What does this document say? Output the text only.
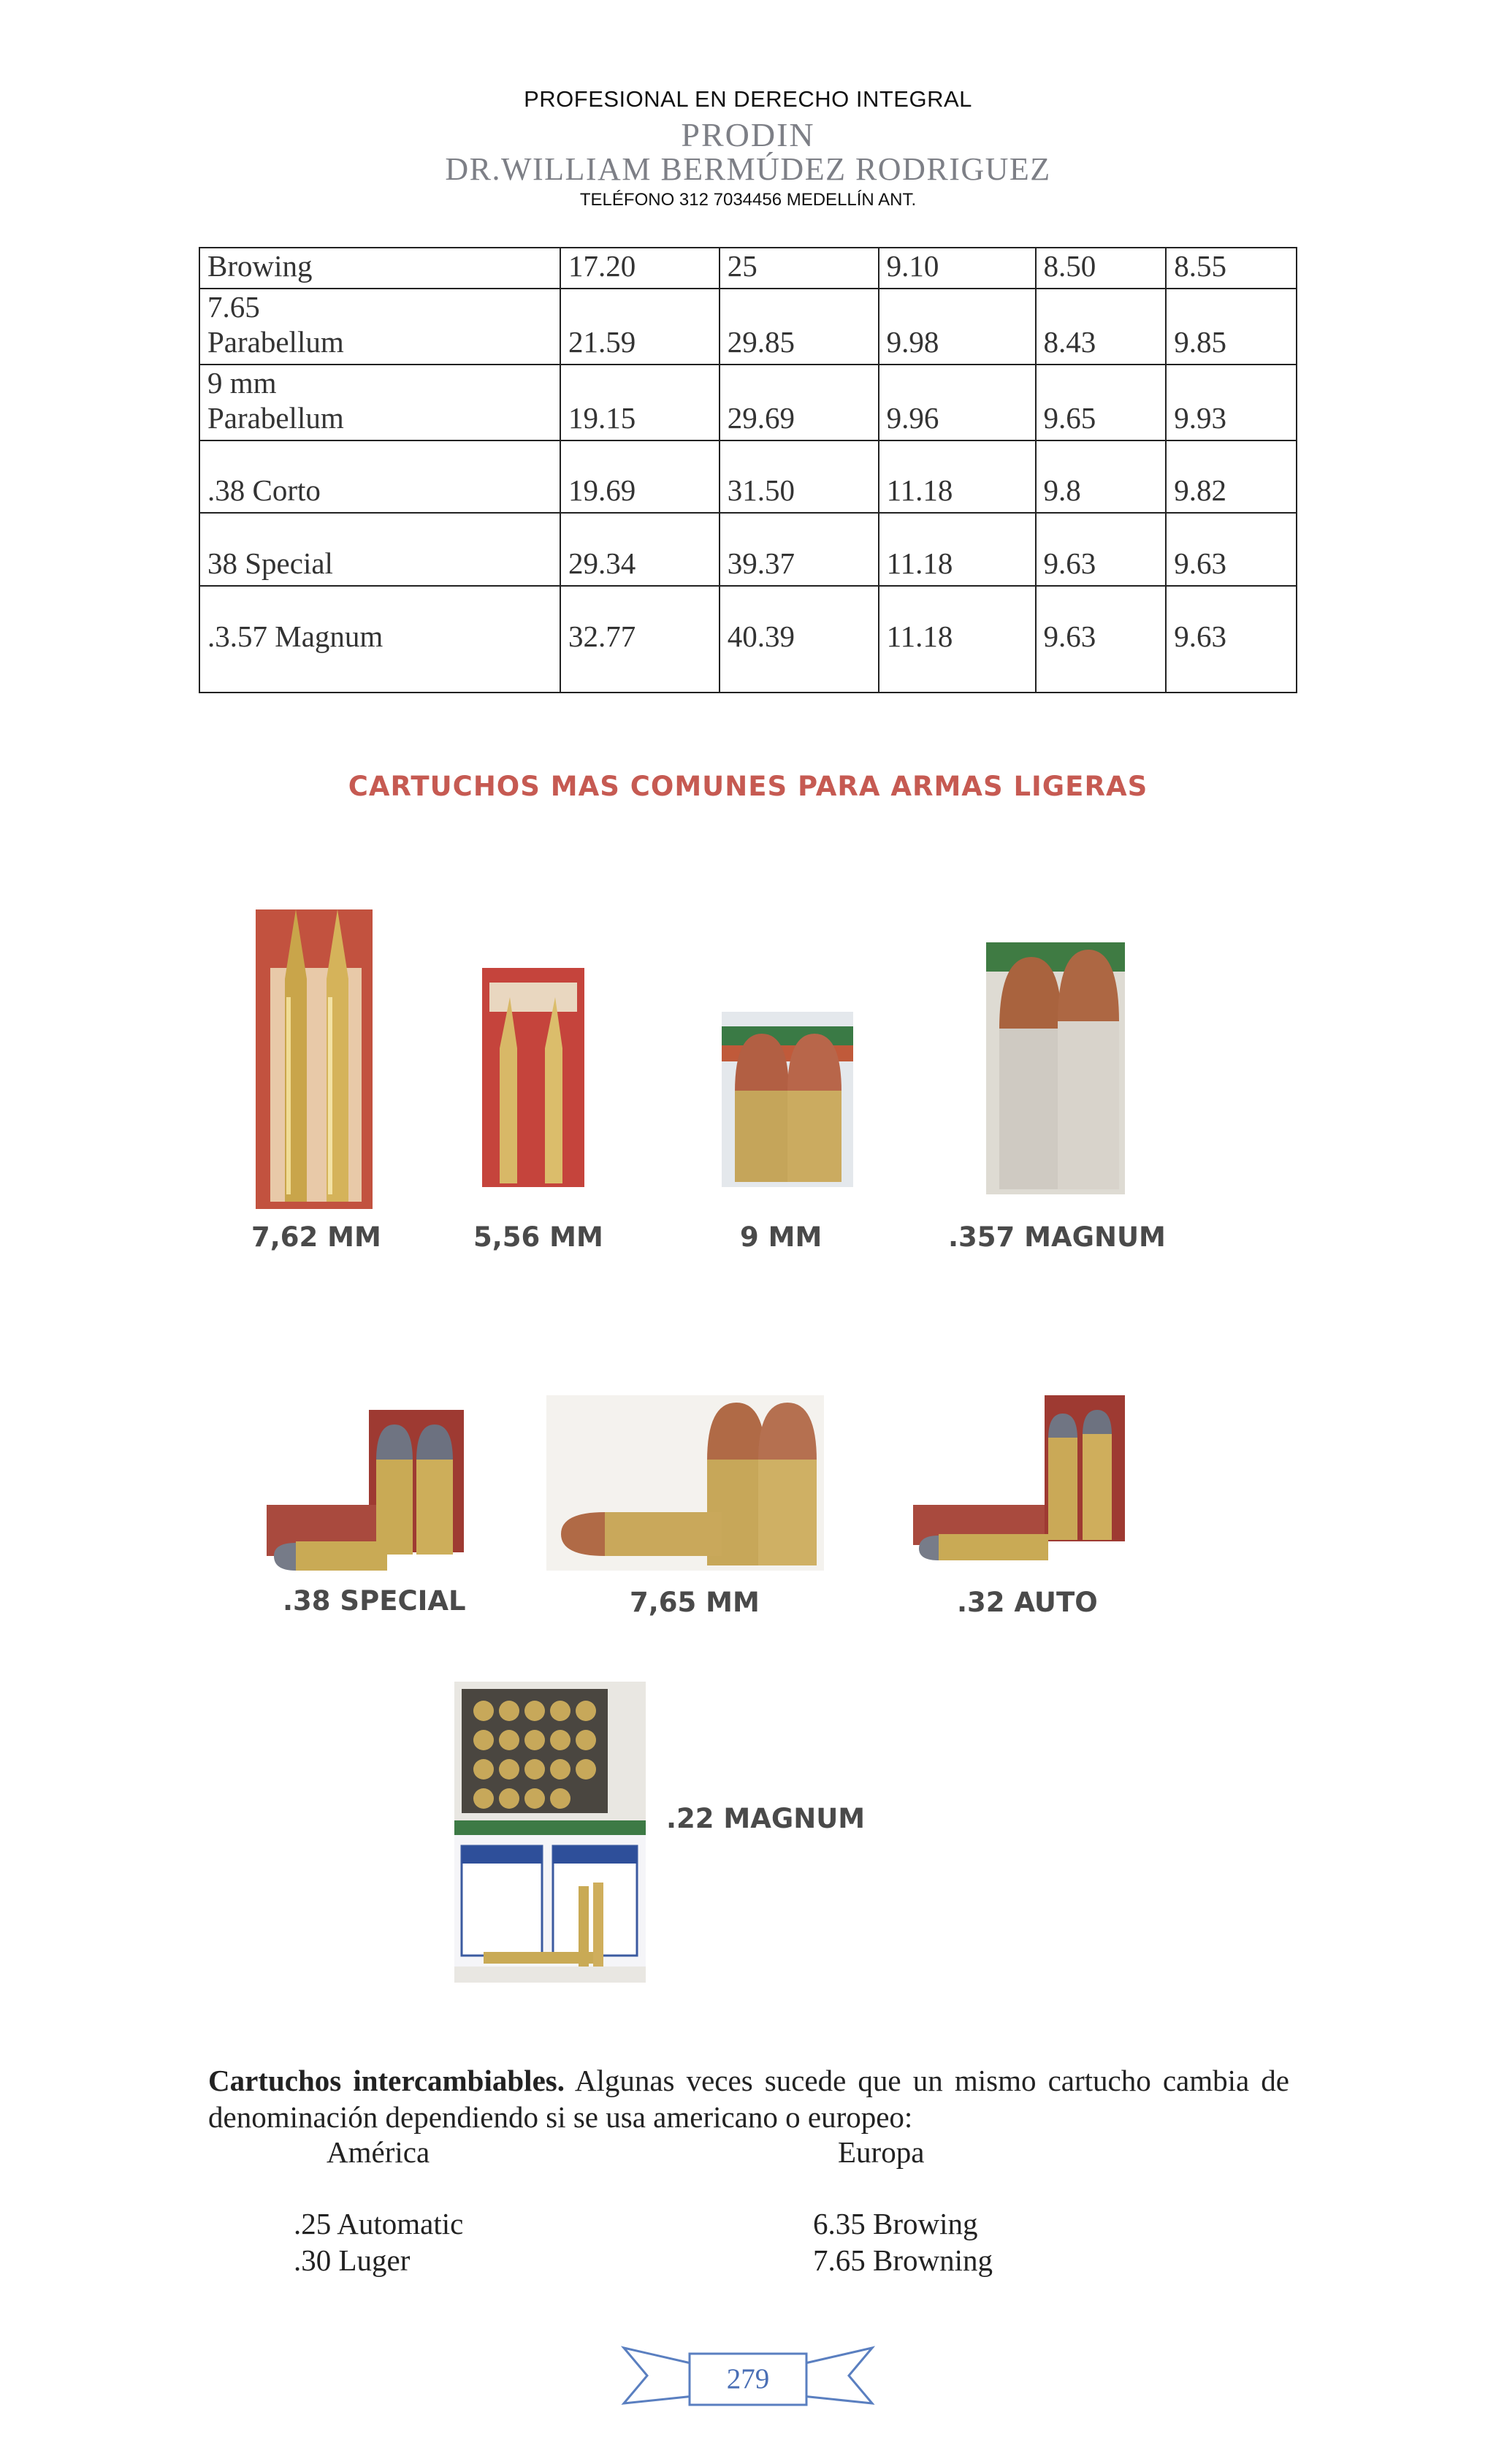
PROFESIONAL EN DERECHO INTEGRAL
PRODIN
DR.WILLIAM BERMÚDEZ RODRIGUEZ
TELÉFONO 312 7034456 MEDELLÍN ANT.
Browing	17.20	25	9.10	8.50	8.55

7.65
Parabellum	21.59	29.85	9.98	8.43	9.85

9 mm
Parabellum	19.15	29.69	9.96	9.65	9.93

.38 Corto	19.69	31.50	11.18	9.8	9.82

38 Special	29.34	39.37	11.18	9.63	9.63

.3.57 Magnum	32.77	40.39	11.18	9.63	9.63
CARTUCHOS MAS COMUNES PARA ARMAS LIGERAS
7,62 MM	5,56 MM	9 MM	.357 MAGNUM
.38 SPECIAL	7,65 MM	.32 AUTO
.22 MAGNUM
Cartuchos intercambiables. Algunas veces sucede que un mismo cartucho cambia de denominación dependiendo si se usa americano o europeo:
América	Europa
.25 Automatic	6.35 Browing
.30 Luger	7.65 Browning
279
